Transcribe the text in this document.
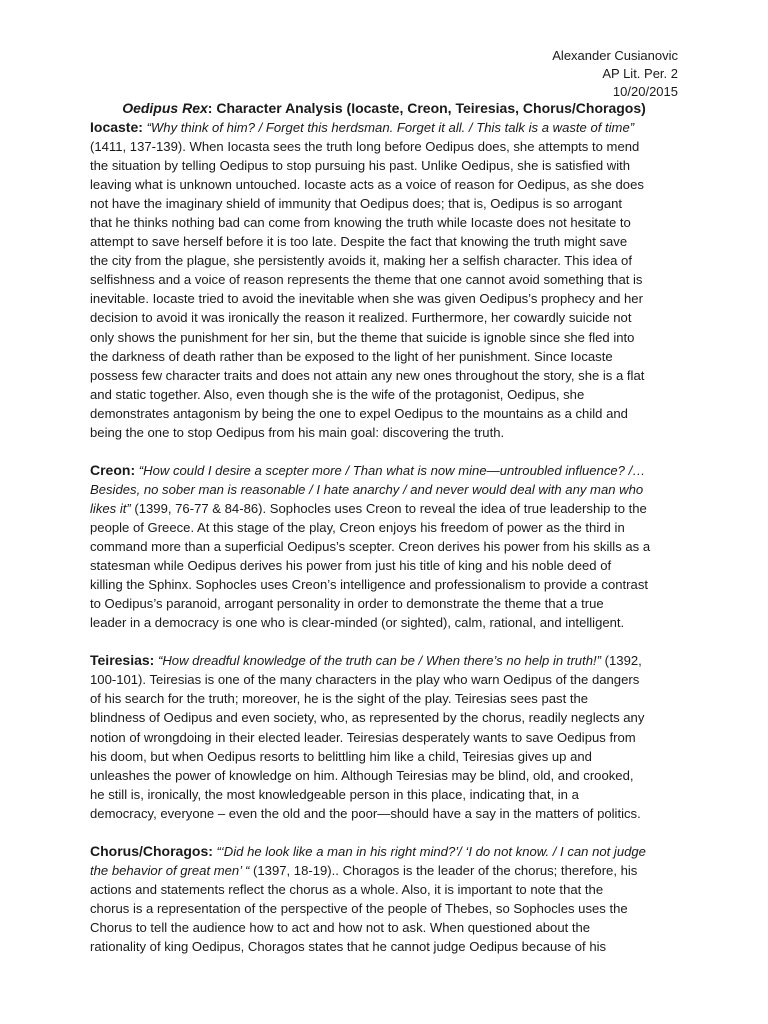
Alexander Cusianovic
AP Lit. Per. 2
10/20/2015
Oedipus Rex: Character Analysis (Iocaste, Creon, Teiresias, Chorus/Choragos)
Iocaste: “Why think of him? / Forget this herdsman. Forget it all. / This talk is a waste of time”
(1411, 137-139). When Iocasta sees the truth long before Oedipus does, she attempts to mend
the situation by telling Oedipus to stop pursuing his past. Unlike Oedipus, she is satisfied with
leaving what is unknown untouched. Iocaste acts as a voice of reason for Oedipus, as she does
not have the imaginary shield of immunity that Oedipus does; that is, Oedipus is so arrogant
that he thinks nothing bad can come from knowing the truth while Iocaste does not hesitate to
attempt to save herself before it is too late. Despite the fact that knowing the truth might save
the city from the plague, she persistently avoids it, making her a selfish character. This idea of
selfishness and a voice of reason represents the theme that one cannot avoid something that is
inevitable. Iocaste tried to avoid the inevitable when she was given Oedipus’s prophecy and her
decision to avoid it was ironically the reason it realized. Furthermore, her cowardly suicide not
only shows the punishment for her sin, but the theme that suicide is ignoble since she fled into
the darkness of death rather than be exposed to the light of her punishment. Since Iocaste
possess few character traits and does not attain any new ones throughout the story, she is a flat
and static together. Also, even though she is the wife of the protagonist, Oedipus, she
demonstrates antagonism by being the one to expel Oedipus to the mountains as a child and
being the one to stop Oedipus from his main goal: discovering the truth.
Creon: “How could I desire a scepter more / Than what is now mine—untroubled influence? /…
Besides, no sober man is reasonable / I hate anarchy / and never would deal with any man who
likes it” (1399, 76-77 & 84-86). Sophocles uses Creon to reveal the idea of true leadership to the
people of Greece. At this stage of the play, Creon enjoys his freedom of power as the third in
command more than a superficial Oedipus’s scepter. Creon derives his power from his skills as a
statesman while Oedipus derives his power from just his title of king and his noble deed of
killing the Sphinx. Sophocles uses Creon’s intelligence and professionalism to provide a contrast
to Oedipus’s paranoid, arrogant personality in order to demonstrate the theme that a true
leader in a democracy is one who is clear-minded (or sighted), calm, rational, and intelligent.
Teiresias: “How dreadful knowledge of the truth can be / When there’s no help in truth!” (1392,
100-101). Teiresias is one of the many characters in the play who warn Oedipus of the dangers
of his search for the truth; moreover, he is the sight of the play. Teiresias sees past the
blindness of Oedipus and even society, who, as represented by the chorus, readily neglects any
notion of wrongdoing in their elected leader. Teiresias desperately wants to save Oedipus from
his doom, but when Oedipus resorts to belittling him like a child, Teiresias gives up and
unleashes the power of knowledge on him. Although Teiresias may be blind, old, and crooked,
he still is, ironically, the most knowledgeable person in this place, indicating that, in a
democracy, everyone – even the old and the poor—should have a say in the matters of politics.
Chorus/Choragos: “‘Did he look like a man in his right mind?’/ ‘I do not know. / I can not judge
the behavior of great men’ “ (1397, 18-19).. Choragos is the leader of the chorus; therefore, his
actions and statements reflect the chorus as a whole. Also, it is important to note that the
chorus is a representation of the perspective of the people of Thebes, so Sophocles uses the
Chorus to tell the audience how to act and how not to ask. When questioned about the
rationality of king Oedipus, Choragos states that he cannot judge Oedipus because of his
